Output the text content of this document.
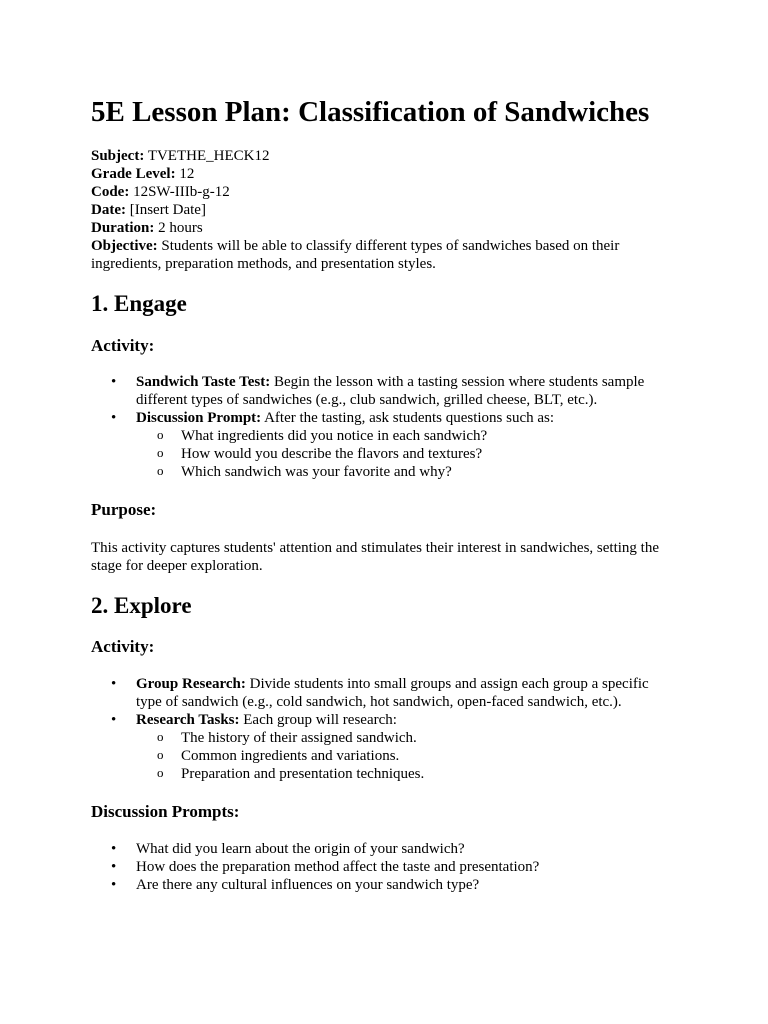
5E Lesson Plan: Classification of Sandwiches
Subject: TVETHE_HECK12
Grade Level: 12
Code: 12SW-IIIb-g-12
Date: [Insert Date]
Duration: 2 hours
Objective: Students will be able to classify different types of sandwiches based on their ingredients, preparation methods, and presentation styles.
1. Engage
Activity:
•	Sandwich Taste Test: Begin the lesson with a tasting session where students sample different types of sandwiches (e.g., club sandwich, grilled cheese, BLT, etc.).
•	Discussion Prompt: After the tasting, ask students questions such as:
o What ingredients did you notice in each sandwich?
o How would you describe the flavors and textures?
o Which sandwich was your favorite and why?
Purpose:

This activity captures students' attention and stimulates their interest in sandwiches, setting the stage for deeper exploration.

2. Explore
Activity:
•	Group Research: Divide students into small groups and assign each group a specific type of sandwich (e.g., cold sandwich, hot sandwich, open-faced sandwich, etc.).
•	Research Tasks: Each group will research:
o The history of their assigned sandwich.
o Common ingredients and variations.
o Preparation and presentation techniques.
Discussion Prompts:
•	What did you learn about the origin of your sandwich?
•	How does the preparation method affect the taste and presentation?
•	Are there any cultural influences on your sandwich type?
